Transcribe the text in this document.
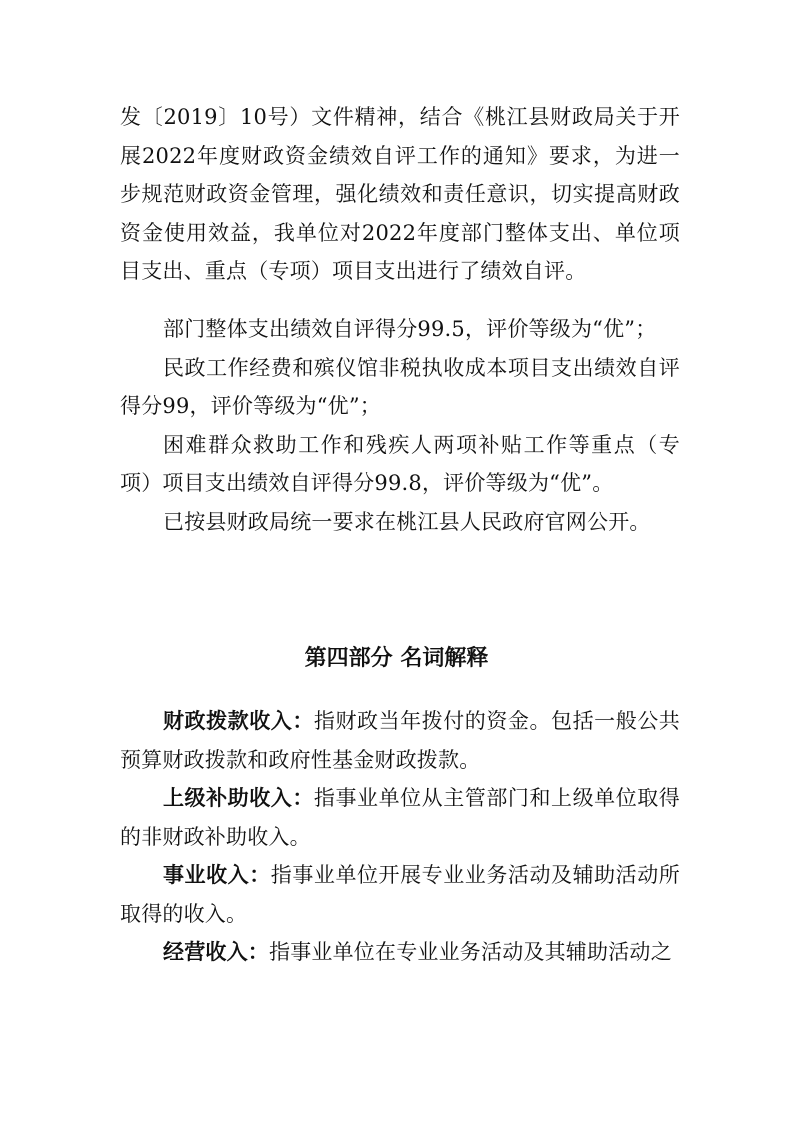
发〔2019〕10号）文件精神，结合《桃江县财政局关于开展2022年度财政资金绩效自评工作的通知》要求，为进一步规范财政资金管理，强化绩效和责任意识，切实提高财政资金使用效益，我单位对2022年度部门整体支出、单位项目支出、重点（专项）项目支出进行了绩效自评。

部门整体支出绩效自评得分99.5，评价等级为“优”；

民政工作经费和殡仪馆非税执收成本项目支出绩效自评得分99，评价等级为“优”；

困难群众救助工作和残疾人两项补贴工作等重点（专项）项目支出绩效自评得分99.8，评价等级为“优”。

已按县财政局统一要求在桃江县人民政府官网公开。

第四部分 名词解释

财政拨款收入：指财政当年拨付的资金。包括一般公共预算财政拨款和政府性基金财政拨款。

上级补助收入：指事业单位从主管部门和上级单位取得的非财政补助收入。

事业收入：指事业单位开展专业业务活动及辅助活动所取得的收入。

经营收入：指事业单位在专业业务活动及其辅助活动之
